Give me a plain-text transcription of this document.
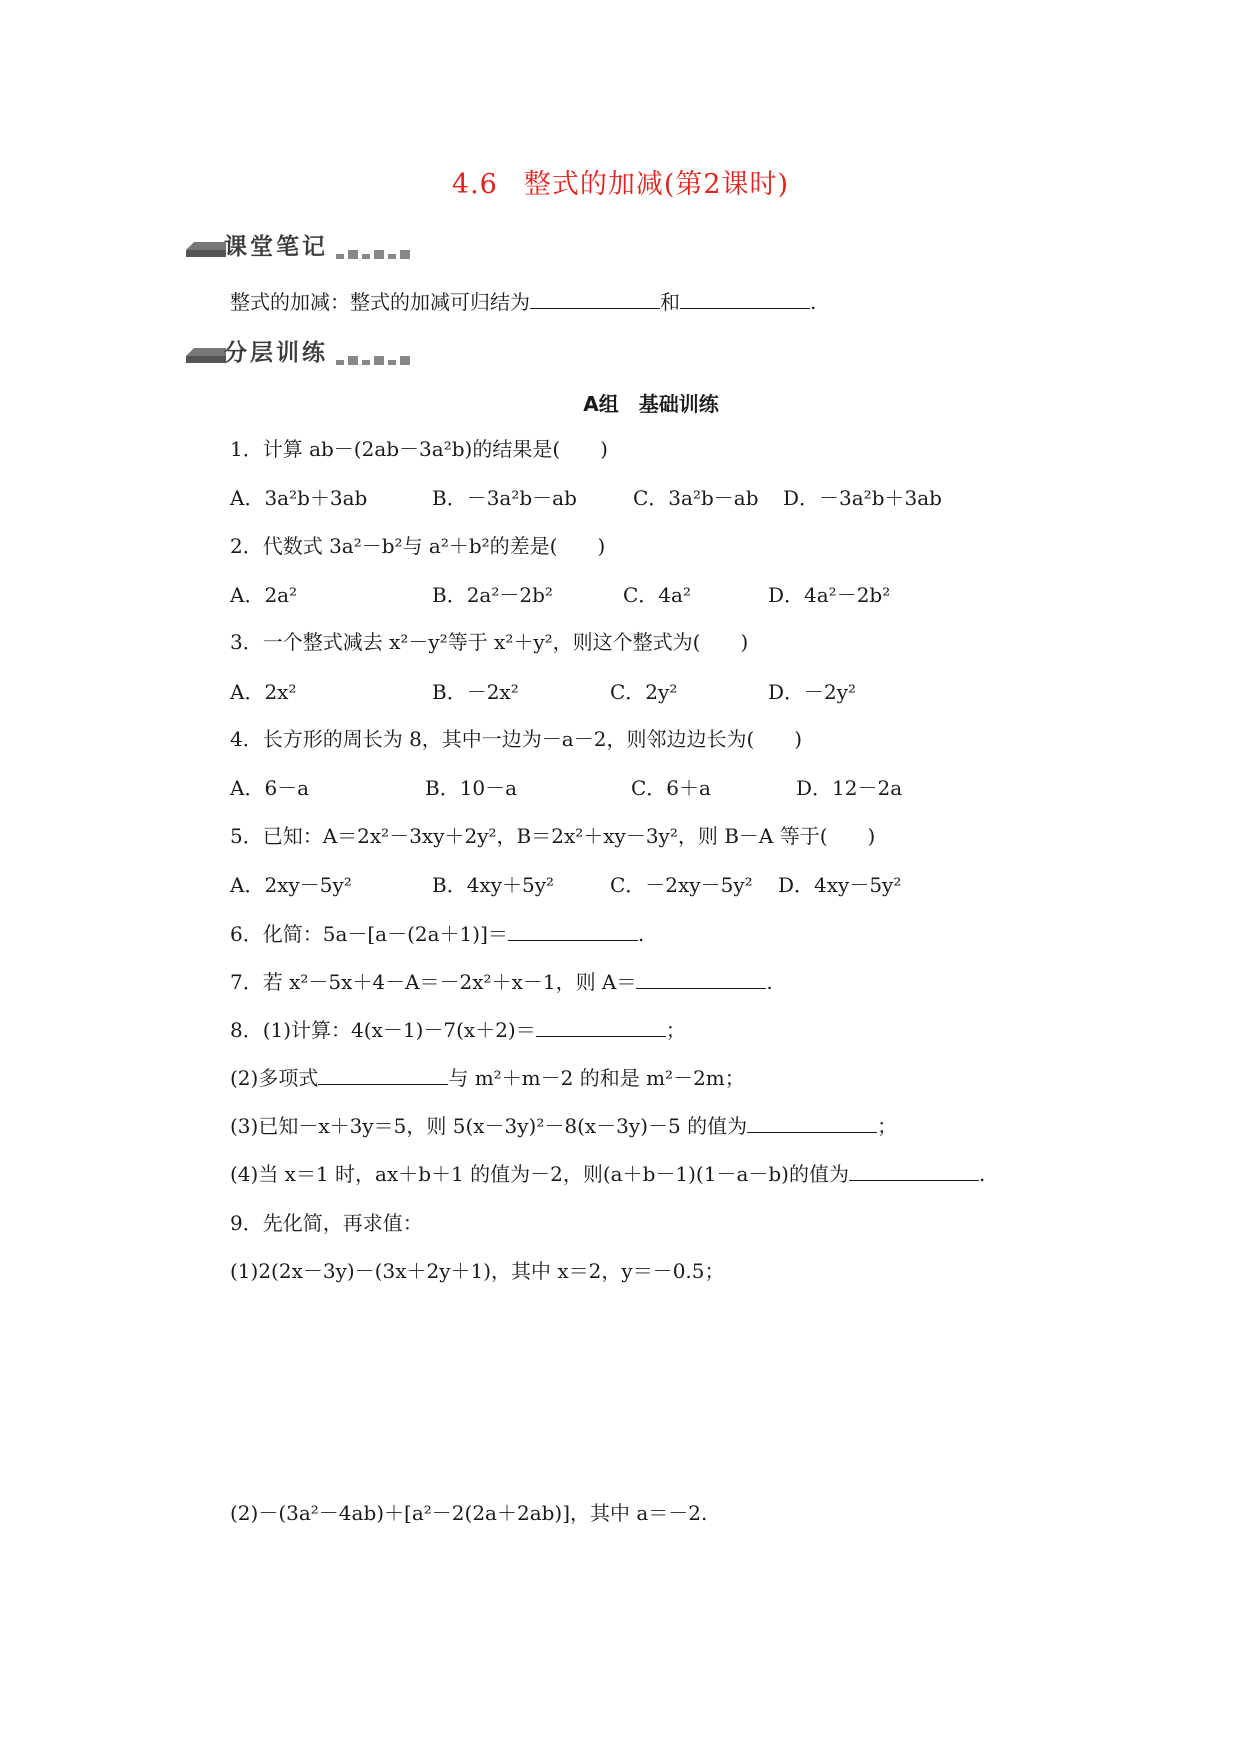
4.6 整式的加减(第2课时)
课堂笔记
整式的加减：整式的加减可归结为	和	.
分层训练
A组　基础训练
1．计算 ab－(2ab－3a²b)的结果是(　　)
A．3a²b＋3ab	B．－3a²b－ab	C．3a²b－ab D．－3a²b＋3ab
2．代数式 3a²－b²与 a²＋b²的差是(　　)
A．2a²	B．2a²－2b²	C．4a²	D．4a²－2b²
3．一个整式减去 x²－y²等于 x²＋y²，则这个整式为(　　)
A．2x²	B．－2x²	C．2y²	D．－2y²
4．长方形的周长为 8，其中一边为－a－2，则邻边边长为(　　)
A．6－a	B．10－a	C．6＋a	D．12－2a
5．已知：A＝2x²－3xy＋2y²，B＝2x²＋xy－3y²，则 B－A 等于(　　)
A．2xy－5y²	B．4xy＋5y²	C．－2xy－5y² D．4xy－5y²
6．化简：5a－[a－(2a＋1)]＝	.
7．若 x²－5x＋4－A＝－2x²＋x－1，则 A＝	.
8．(1)计算：4(x－1)－7(x＋2)＝	；
(2)多项式	与 m²＋m－2 的和是 m²－2m；
(3)已知－x＋3y＝5，则 5(x－3y)²－8(x－3y)－5 的值为	；
(4)当 x＝1 时，ax＋b＋1 的值为－2，则(a＋b－1)(1－a－b)的值为	.
9．先化简，再求值：
(1)2(2x－3y)－(3x＋2y＋1)，其中 x＝2，y＝－0.5；
(2)－(3a²－4ab)＋[a²－2(2a＋2ab)]，其中 a＝－2.
